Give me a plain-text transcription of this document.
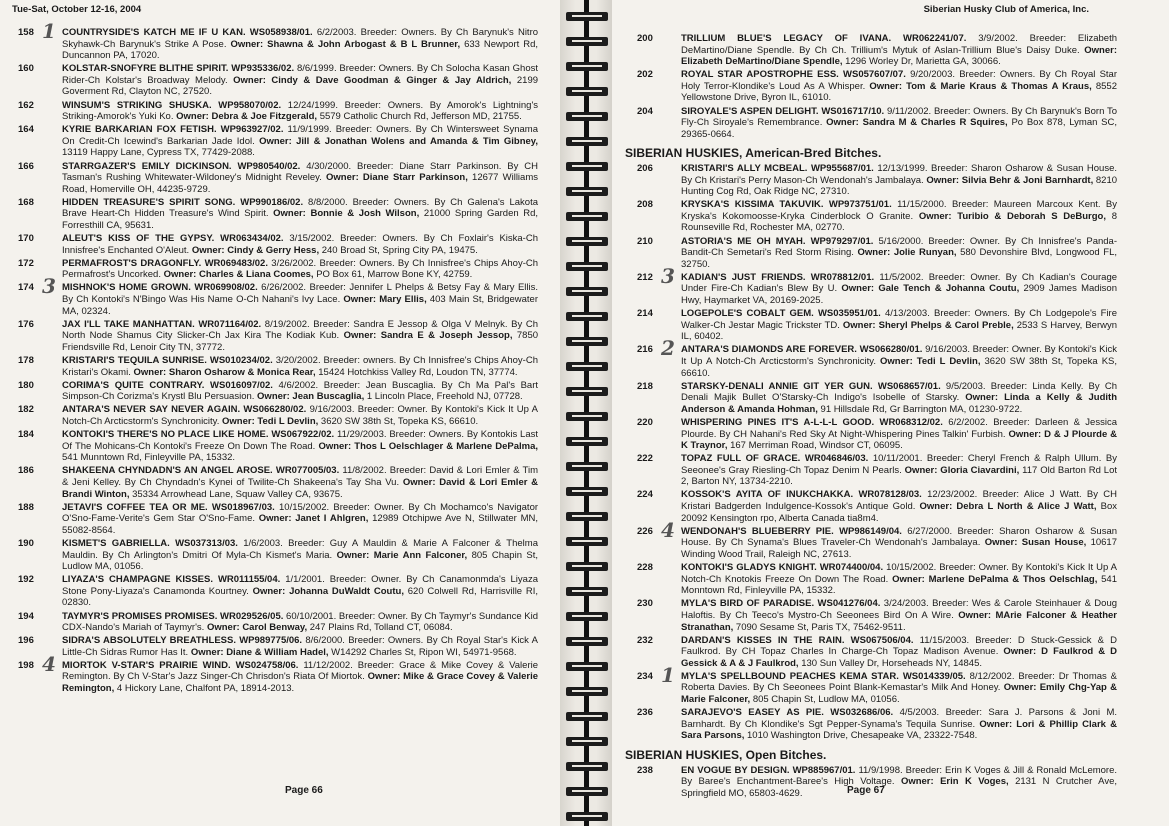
Tue-Sat, October 12-16, 2004
158 1 COUNTRYSIDE'S KATCH ME IF U KAN. WS058938/01. 6/2/2003. Breeder: Owners. By Ch Barynuk's Nitro Skyhawk-Ch Barynuk's Strike A Pose. Owner: Shawna & John Arbogast & B L Brunner, 633 Newport Rd, Duncannon PA, 17020.
160	KOLSTAR-SNOFYRE BLITHE SPIRIT. WP935336/02. 8/6/1999. Breeder: Owners. By Ch Solocha Kasan Ghost Rider-Ch Kolstar's Broadway Melody. Owner: Cindy & Dave Goodman & Ginger & Jay Aldrich, 2199 Goverment Rd, Clayton NC, 27520.
162	WINSUM'S STRIKING SHUSKA. WP958070/02. 12/24/1999. Breeder: Owners. By Amorok's Lightning's Striking-Amorok's Yuki Ko. Owner: Debra & Joe Fitzgerald, 5579 Catholic Church Rd, Jefferson MD, 21755.
164	KYRIE BARKARIAN FOX FETISH. WP963927/02. 11/9/1999. Breeder: Owners. By Ch Wintersweet Synama On Credit-Ch Icewind's Barkarian Jade Idol. Owner: Jill & Jonathan Wolens and Amanda & Tim Gibney, 13119 Happy Lane, Cypress TX, 77429-2088.
166	STARRGAZER'S EMILY DICKINSON. WP980540/02. 4/30/2000. Breeder: Diane Starr Parkinson. By CH Tasman's Rushing Whitewater-Wildoney's Midnight Reveley. Owner: Diane Starr Parkinson, 12677 Williams Road, Homerville OH, 44235-9729.
168	HIDDEN TREASURE'S SPIRIT SONG. WP990186/02. 8/8/2000. Breeder: Owners. By Ch Galena's Lakota Brave Heart-Ch Hidden Treasure's Wind Spirit. Owner: Bonnie & Josh Wilson, 21000 Spring Garden Rd, Forresthill CA, 95631.
170	ALEUT'S KISS OF THE GYPSY. WR063434/02. 3/15/2002. Breeder: Owners. By Ch Foxlair's Kiska-Ch Innisfree's Enchanted O'Aleut. Owner: Cindy & Gerry Hess, 240 Broad St, Spring City PA, 19475.
172	PERMAFROST'S DRAGONFLY. WR069483/02. 3/26/2002. Breeder: Owners. By Ch Innisfree's Chips Ahoy-Ch Permafrost's Uncorked. Owner: Charles & Liana Coomes, PO Box 61, Marrow Bone KY, 42759.
174 3 MISHNOK'S HOME GROWN. WR069908/02. 6/26/2002. Breeder: Jennifer L Phelps & Betsy Fay & Mary Ellis. By Ch Kontoki's N'Bingo Was His Name O-Ch Nahani's Ivy Lace. Owner: Mary Ellis, 403 Main St, Bridgewater MA, 02324.
176	JAX I'LL TAKE MANHATTAN. WR071164/02. 8/19/2002. Breeder: Sandra E Jessop & Olga V Melnyk. By Ch North Node Shamus City Slicker-Ch Jax Kira The Kodiak Kub. Owner: Sandra E & Joseph Jessop, 7850 Friendsville Rd, Lenoir City TN, 37772.
178	KRISTARI'S TEQUILA SUNRISE. WS010234/02. 3/20/2002. Breeder: owners. By Ch Innisfree's Chips Ahoy-Ch Kristari's Okami. Owner: Sharon Osharow & Monica Rear, 15424 Hotchkiss Valley Rd, Loudon TN, 37774.
180	CORIMA'S QUITE CONTRARY. WS016097/02. 4/6/2002. Breeder: Jean Buscaglia. By Ch Ma Pal's Bart Simpson-Ch Corizma's Krystl Blu Persuasion. Owner: Jean Buscaglia, 1 Lincoln Place, Freehold NJ, 07728.
182	ANTARA'S NEVER SAY NEVER AGAIN. WS066280/02. 9/16/2003. Breeder: Owner. By Kontoki's Kick It Up A Notch-Ch Arcticstorm's Synchronicity. Owner: Tedi L Devlin, 3620 SW 38th St, Topeka KS, 66610.
184	KONTOKI'S THERE'S NO PLACE LIKE HOME. WS067922/02. 11/29/2003. Breeder: Owners. By Kontokis Last Of The Mohicans-Ch Kontoki's Freeze On Down The Road. Owner: Thos L Oelschlager & Marlene DePalma, 541 Munntown Rd, Finleyville PA, 15332.
186	SHAKEENA CHYNDADN'S AN ANGEL AROSE. WR077005/03. 11/8/2002. Breeder: David & Lori Emler & Tim & Jeni Kelley. By Ch Chyndadn's Kynei of Twilite-Ch Shakeena's Tay Sha Vu. Owner: David & Lori Emler & Brandi Winton, 35334 Arrowhead Lane, Squaw Valley CA, 93675.
188	JETAVI'S COFFEE TEA OR ME. WS018967/03. 10/15/2002. Breeder: Owner. By Ch Mochamco's Navigator O'Sno-Fame-Verite's Gem Star O'Sno-Fame. Owner: Janet I Ahlgren, 12989 Otchipwe Ave N, Stillwater MN, 55082-8564.
190	KISMET'S GABRIELLA. WS037313/03. 1/6/2003. Breeder: Guy A Mauldin & Marie A Falconer & Thelma Mauldin. By Ch Arlington's Dmitri Of Myla-Ch Kismet's Maria. Owner: Marie Ann Falconer, 805 Chapin St, Ludlow MA, 01056.
192	LIYAZA'S CHAMPAGNE KISSES. WR011155/04. 1/1/2001. Breeder: Owner. By Ch Canamonmda's Liyaza Stone Pony-Liyaza's Canamonda Kourtney. Owner: Johanna DuWaldt Coutu, 620 Colwell Rd, Harrisville RI, 02830.
194	TAYMYR'S PROMISES PROMISES. WR029526/05. 60/10/2001. Breeder: Owner. By Ch Taymyr's Sundance Kid CDX-Nando's Mariah of Taymyr's. Owner: Carol Benway, 247 Plains Rd, Tolland CT, 06084.
196	SIDRA'S ABSOLUTELY BREATHLESS. WP989775/06. 8/6/2000. Breeder: Owners. By Ch Royal Star's Kick A Little-Ch Sidras Rumor Has It. Owner: Diane & William Hadel, W14292 Charles St, Ripon WI, 54971-9568.
198 4 MIORTOK V-STAR'S PRAIRIE WIND. WS024758/06. 11/12/2002. Breeder: Grace & Mike Covey & Valerie Remington. By Ch V-Star's Jazz Singer-Ch Chrisdon's Riata Of Miortok. Owner: Mike & Grace Covey & Valerie Remington, 4 Hickory Lane, Chalfont PA, 18914-2013.
Page 66
Siberian Husky Club of America, Inc.
200	TRILLIUM BLUE'S LEGACY OF IVANA. WR062241/07. 3/9/2002. Breeder: Elizabeth DeMartino/Diane Spendle. By Ch Ch. Trillium's Mytuk of Aslan-Trillium Blue's Daisy Duke. Owner: Elizabeth DeMartino/Diane Spendle, 1296 Worley Dr, Marietta GA, 30066.
202	ROYAL STAR APOSTROPHE ESS. WS057607/07. 9/20/2003. Breeder: Owners. By Ch Royal Star Holy Terror-Klondike's Loud As A Whisper. Owner: Tom & Marie Kraus & Thomas A Kraus, 8552 Yellowstone Drive, Byron IL, 61010.
204	SIROYALE'S ASPEN DELIGHT. WS016717/10. 9/11/2002. Breeder: Owners. By Ch Barynuk's Born To Fly-Ch Siroyale's Remembrance. Owner: Sandra M & Charles R Squires, Po Box 878, Lyman SC, 29365-0664.
SIBERIAN HUSKIES, American-Bred Bitches.
206	KRISTARI'S ALLY MCBEAL. WP955687/01. 12/13/1999. Breeder: Sharon Osharow & Susan House. By Ch Kristari's Perry Mason-Ch Wendonah's Jambalaya. Owner: Silvia Behr & Joni Barnhardt, 8210 Hunting Cog Rd, Oak Ridge NC, 27310.
208	KRYSKA'S KISSIMA TAKUVIK. WP973751/01. 11/15/2000. Breeder: Maureen Marcoux Kent. By Kryska's Kokomoosse-Kryka Cinderblock O Granite. Owner: Turibio & Deborah S DeBurgo, 8 Rounseville Rd, Rochester MA, 02770.
210	ASTORIA'S ME OH MYAH. WP979297/01. 5/16/2000. Breeder: Owner. By Ch Innisfree's Panda-Bandit-Ch Semetari's Red Storm Rising. Owner: Jolie Runyan, 580 Devonshire Blvd, Longwood FL, 32750.
212 3 KADIAN'S JUST FRIENDS. WR078812/01. 11/5/2002. Breeder: Owner. By Ch Kadian's Courage Under Fire-Ch Kadian's Blew By U. Owner: Gale Tench & Johanna Coutu, 2909 James Madison Hwy, Haymarket VA, 20169-2025.
214	LOGEPOLE'S COBALT GEM. WS035951/01. 4/13/2003. Breeder: Owners. By Ch Lodgepole's Fire Walker-Ch Jestar Magic Trickster TD. Owner: Sheryl Phelps & Carol Preble, 2533 S Harvey, Berwyn IL, 60402.
216 2 ANTARA'S DIAMONDS ARE FOREVER. WS066280/01. 9/16/2003. Breeder: Owner. By Kontoki's Kick It Up A Notch-Ch Arcticstorm's Synchronicity. Owner: Tedi L Devlin, 3620 SW 38th St, Topeka KS, 66610.
218	STARSKY-DENALI ANNIE GIT YER GUN. WS068657/01. 9/5/2003. Breeder: Linda Kelly. By Ch Denali Majik Bullet O'Starsky-Ch Indigo's Isobelle of Starsky. Owner: Linda a Kelly & Judith Anderson & Amanda Hohman, 91 Hillsdale Rd, Gr Barrington MA, 01230-9722.
220	WHISPERING PINES IT'S A-L-L-L GOOD. WR068312/02. 6/2/2002. Breeder: Darleen & Jessica Plourde. By CH Nahani's Red Sky At Night-Whispering Pines Talkin' Furbish. Owner: D & J Plourde & K Traynor, 167 Merriman Road, Windsor CT, 06095.
222	TOPAZ FULL OF GRACE. WR046846/03. 10/11/2001. Breeder: Cheryl French & Ralph Ullum. By Seeonee's Gray Riesling-Ch Topaz Denim N Pearls. Owner: Gloria Ciavardini, 117 Old Barton Rd Lot 2, Barton NY, 13734-2210.
224	KOSSOK'S AYITA OF INUKCHAKKA. WR078128/03. 12/23/2002. Breeder: Alice J Watt. By CH Kristari Badgerden Indulgence-Kossok's Antique Gold. Owner: Debra L North & Alice J Watt, Box 20092 Kensington rpo, Alberta Canada tia8m4.
226 4 WENDONAH'S BLUEBERRY PIE. WP986149/04. 6/27/2000. Breeder: Sharon Osharow & Susan House. By Ch Synama's Blues Traveler-Ch Wendonah's Jambalaya. Owner: Susan House, 10617 Winding Wood Trail, Raleigh NC, 27613.
228	KONTOKI'S GLADYS KNIGHT. WR074400/04. 10/15/2002. Breeder: Owner. By Kontoki's Kick It Up A Notch-Ch Knotokis Freeze On Down The Road. Owner: Marlene DePalma & Thos Oelschlag, 541 Monntown Rd, Finleyville PA, 15332.
230	MYLA'S BIRD OF PARADISE. WS041276/04. 3/24/2003. Breeder: Wes & Carole Steinhauer & Doug Haloftis. By Ch Teeco's Mystro-Ch Seeonees Bird On A Wire. Owner: MArie Falconer & Heather Stranathan, 7090 Sesame St, Paris TX, 75462-9511.
232	DARDAN'S KISSES IN THE RAIN. WS067506/04. 11/15/2003. Breeder: D Stuck-Gessick & D Faulkrod. By CH Topaz Charles In Charge-Ch Topaz Madison Avenue. Owner: D Faulkrod & D Gessick & A & J Faulkrod, 130 Sun Valley Dr, Horseheads NY, 14845.
234 1 MYLA'S SPELLBOUND PEACHES KEMA STAR. WS014339/05. 8/12/2002. Breeder: Dr Thomas & Roberta Davies. By Ch Seeonees Point Blank-Kemastar's Milk And Honey. Owner: Emily Chg-Yap & Marie Falconer, 805 Chapin St, Ludlow MA, 01056.
236	SARAJEVO'S EASEY AS PIE. WS032686/06. 4/5/2003. Breeder: Sara J. Parsons & Joni M. Barnhardt. By Ch Klondike's Sgt Pepper-Synama's Tequila Sunrise. Owner: Lori & Phillip Clark & Sara Parsons, 1010 Washington Drive, Chesapeake VA, 23322-7548.
SIBERIAN HUSKIES, Open Bitches.
238	EN VOGUE BY DESIGN. WP885967/01. 11/9/1998. Breeder: Erin K Voges & Jill & Ronald McLemore. By Baree's Enchantment-Baree's High Voltage. Owner: Erin K Voges, 2131 N Crutcher Ave, Springfield MO, 65803-4629.	Page 67
